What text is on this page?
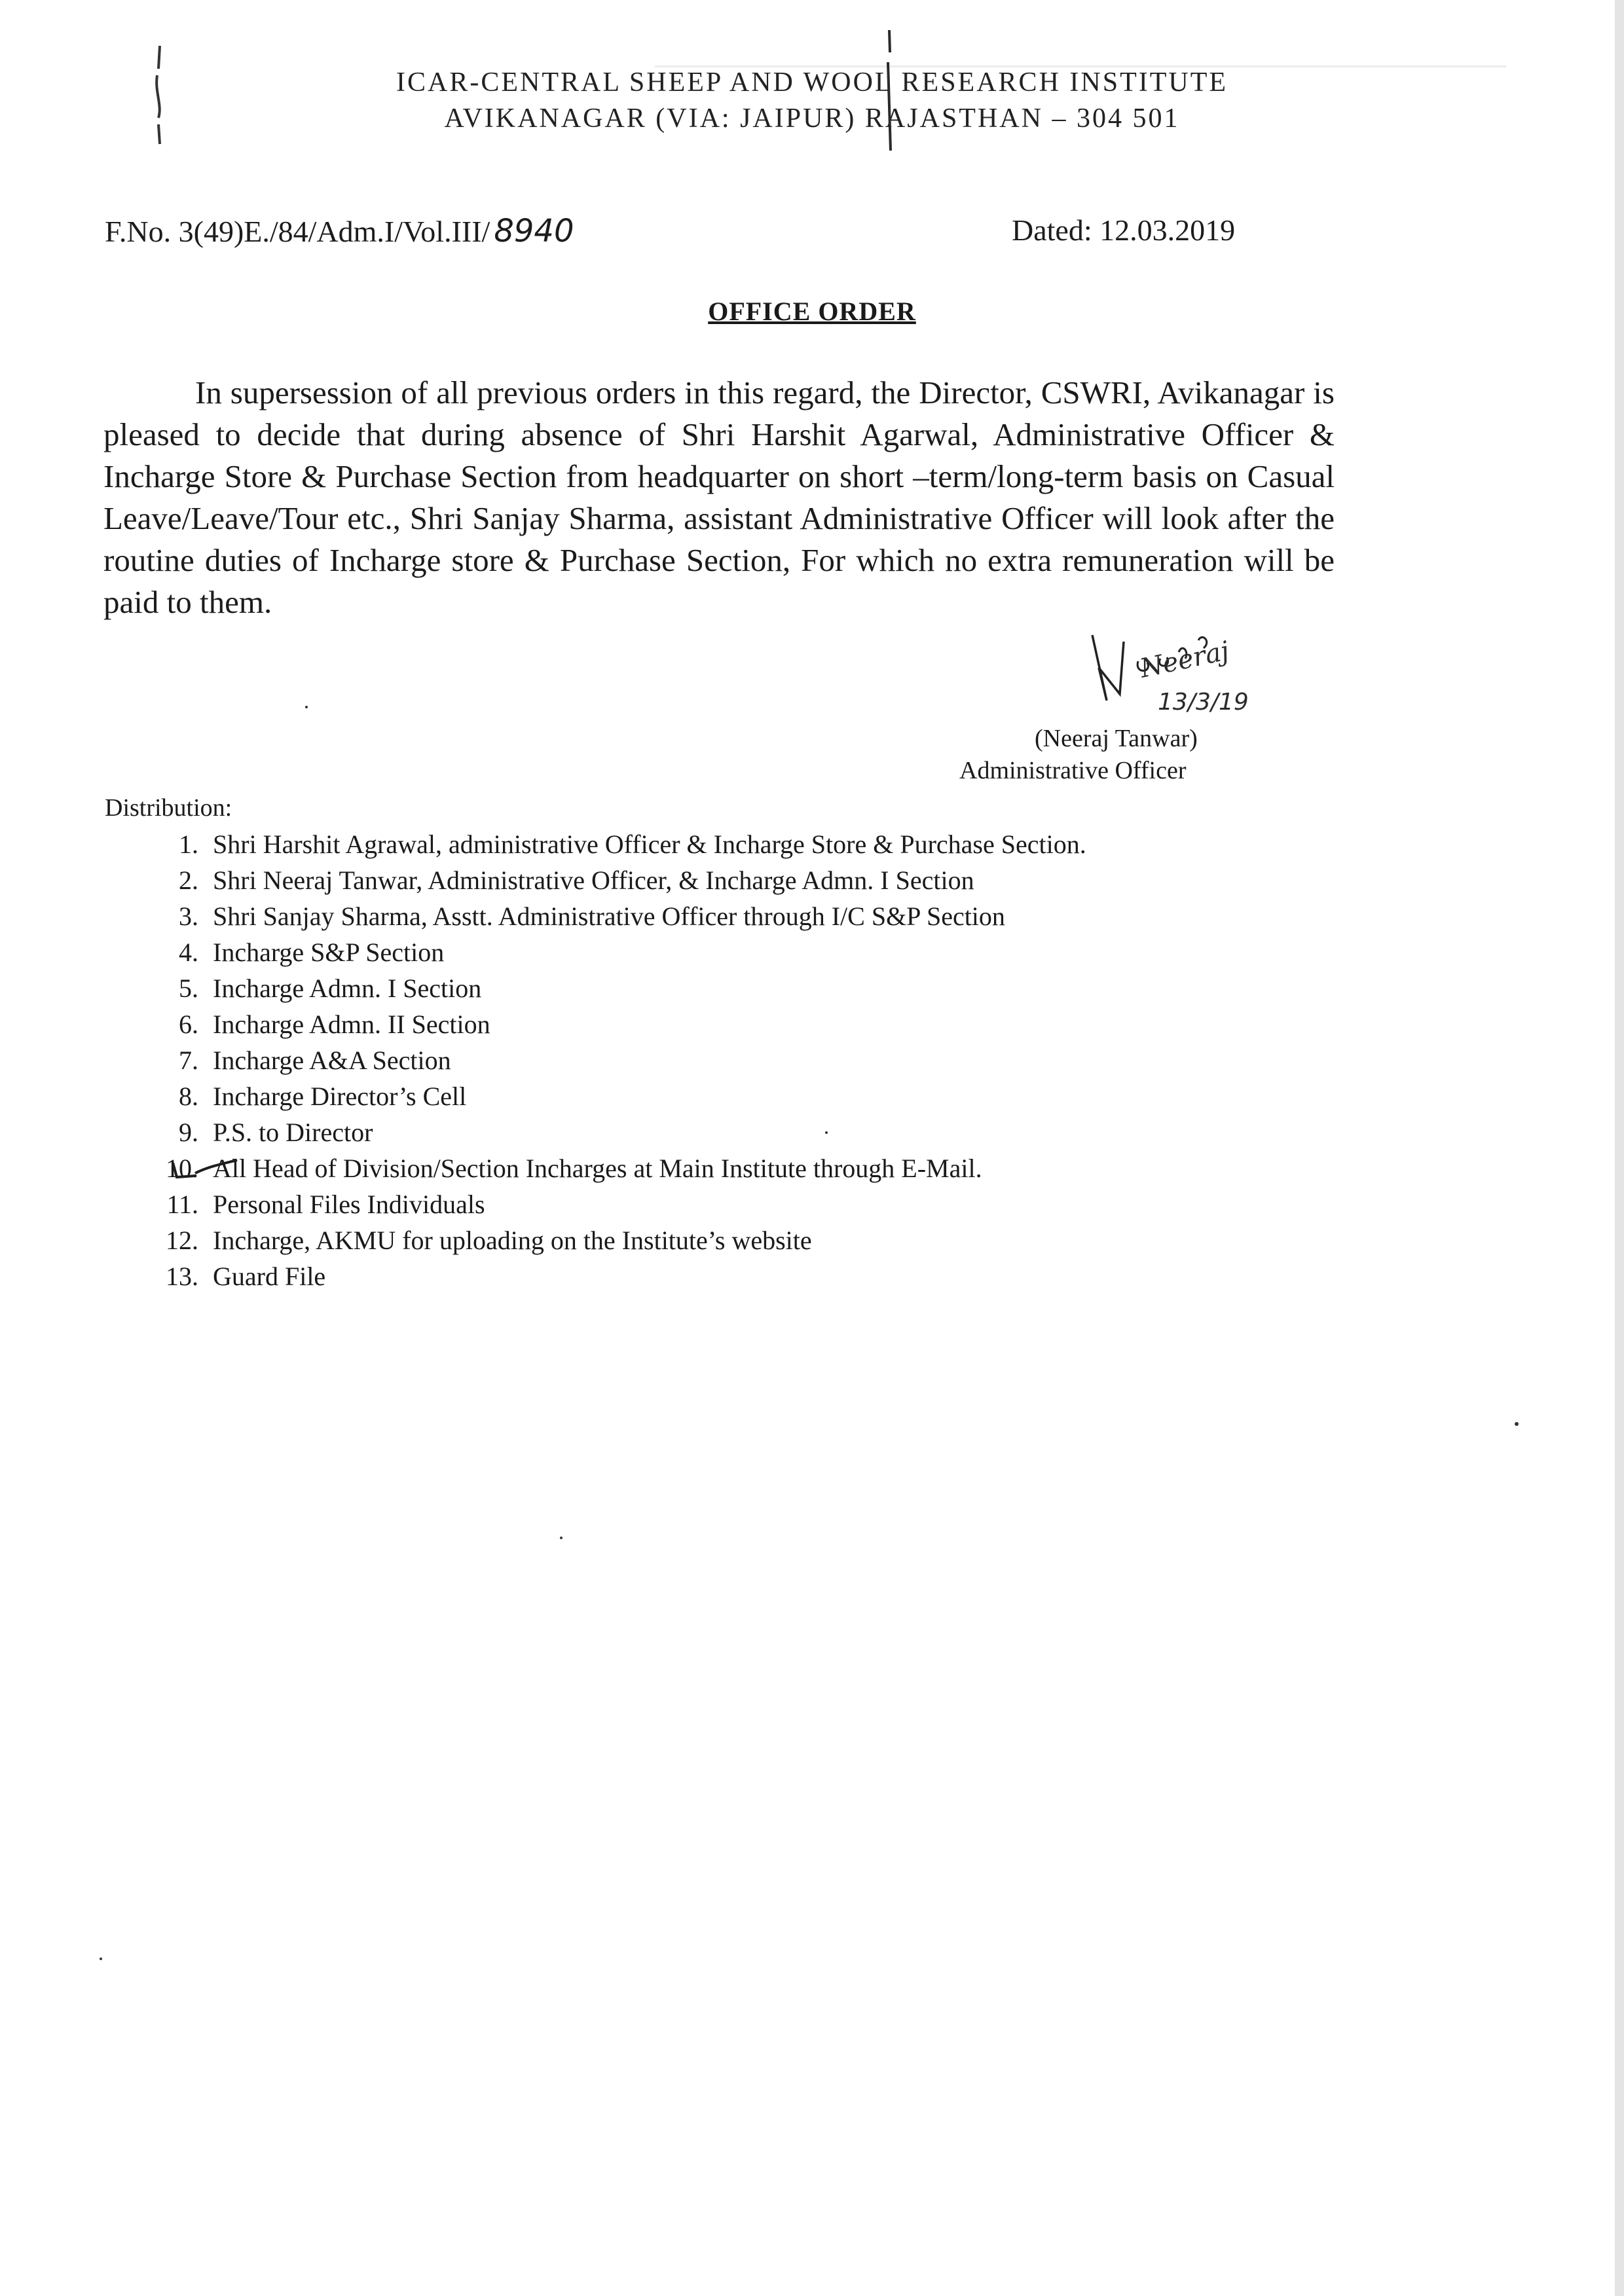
ICAR-CENTRAL SHEEP AND WOOL RESEARCH INSTITUTE
AVIKANAGAR (VIA: JAIPUR) RAJASTHAN – 304 501
F.No. 3(49)E./84/Adm.I/Vol.III/ 8940	Dated: 12.03.2019
OFFICE ORDER
In supersession of all previous orders in this regard, the Director, CSWRI, Avikanagar is pleased to decide that during absence of Shri Harshit Agarwal, Administrative Officer & Incharge Store & Purchase Section from headquarter on short –term/long-term basis on Casual Leave/Leave/Tour etc., Shri Sanjay Sharma, assistant Administrative Officer will look after the routine duties of Incharge store & Purchase Section, For which no extra remuneration will be paid to them.
Neeraj
13/3/19
(Neeraj Tanwar)
Administrative Officer
Distribution:
1. Shri Harshit Agrawal, administrative Officer & Incharge Store & Purchase Section.
2. Shri Neeraj Tanwar, Administrative Officer, & Incharge Admn. I Section
3. Shri Sanjay Sharma, Asstt. Administrative Officer through I/C S&P Section
4. Incharge S&P Section
5. Incharge Admn. I Section
6. Incharge Admn. II Section
7. Incharge A&A Section
8. Incharge Director’s Cell
9. P.S. to Director
10. All Head of Division/Section Incharges at Main Institute through E-Mail.
11. Personal Files Individuals
12. Incharge, AKMU for uploading on the Institute’s website
13. Guard File
